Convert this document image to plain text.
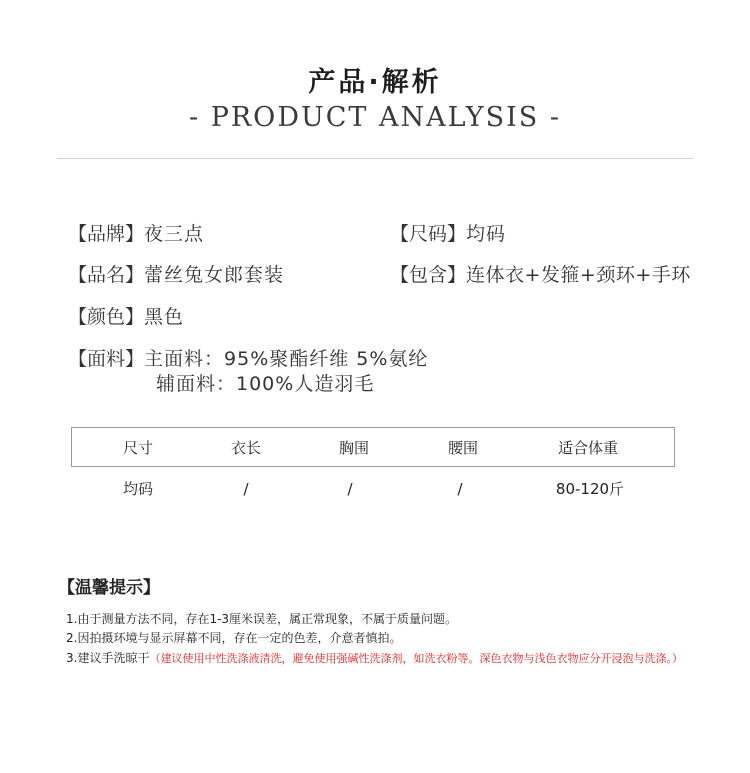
产品·解析
- PRODUCT ANALYSIS -
【品牌】夜三点	【尺码】均码
【品名】蕾丝兔女郎套装	【包含】连体衣+发箍+颈环+手环
【颜色】黑色
【面料】主面料：95%聚酯纤维 5%氨纶
辅面料：100%人造羽毛
尺寸	衣长	胸围	腰围	适合体重
均码	/	/	/	80-120斤
【温馨提示】
1.由于测量方法不同，存在1-3厘米误差，属正常现象，不属于质量问题。
2.因拍摄环境与显示屏幕不同，存在一定的色差，介意者慎拍。
3.建议手洗晾干（建议使用中性洗涤液清洗，避免使用强碱性洗涤剂，如洗衣粉等。深色衣物与浅色衣物应分开浸泡与洗涤。）
